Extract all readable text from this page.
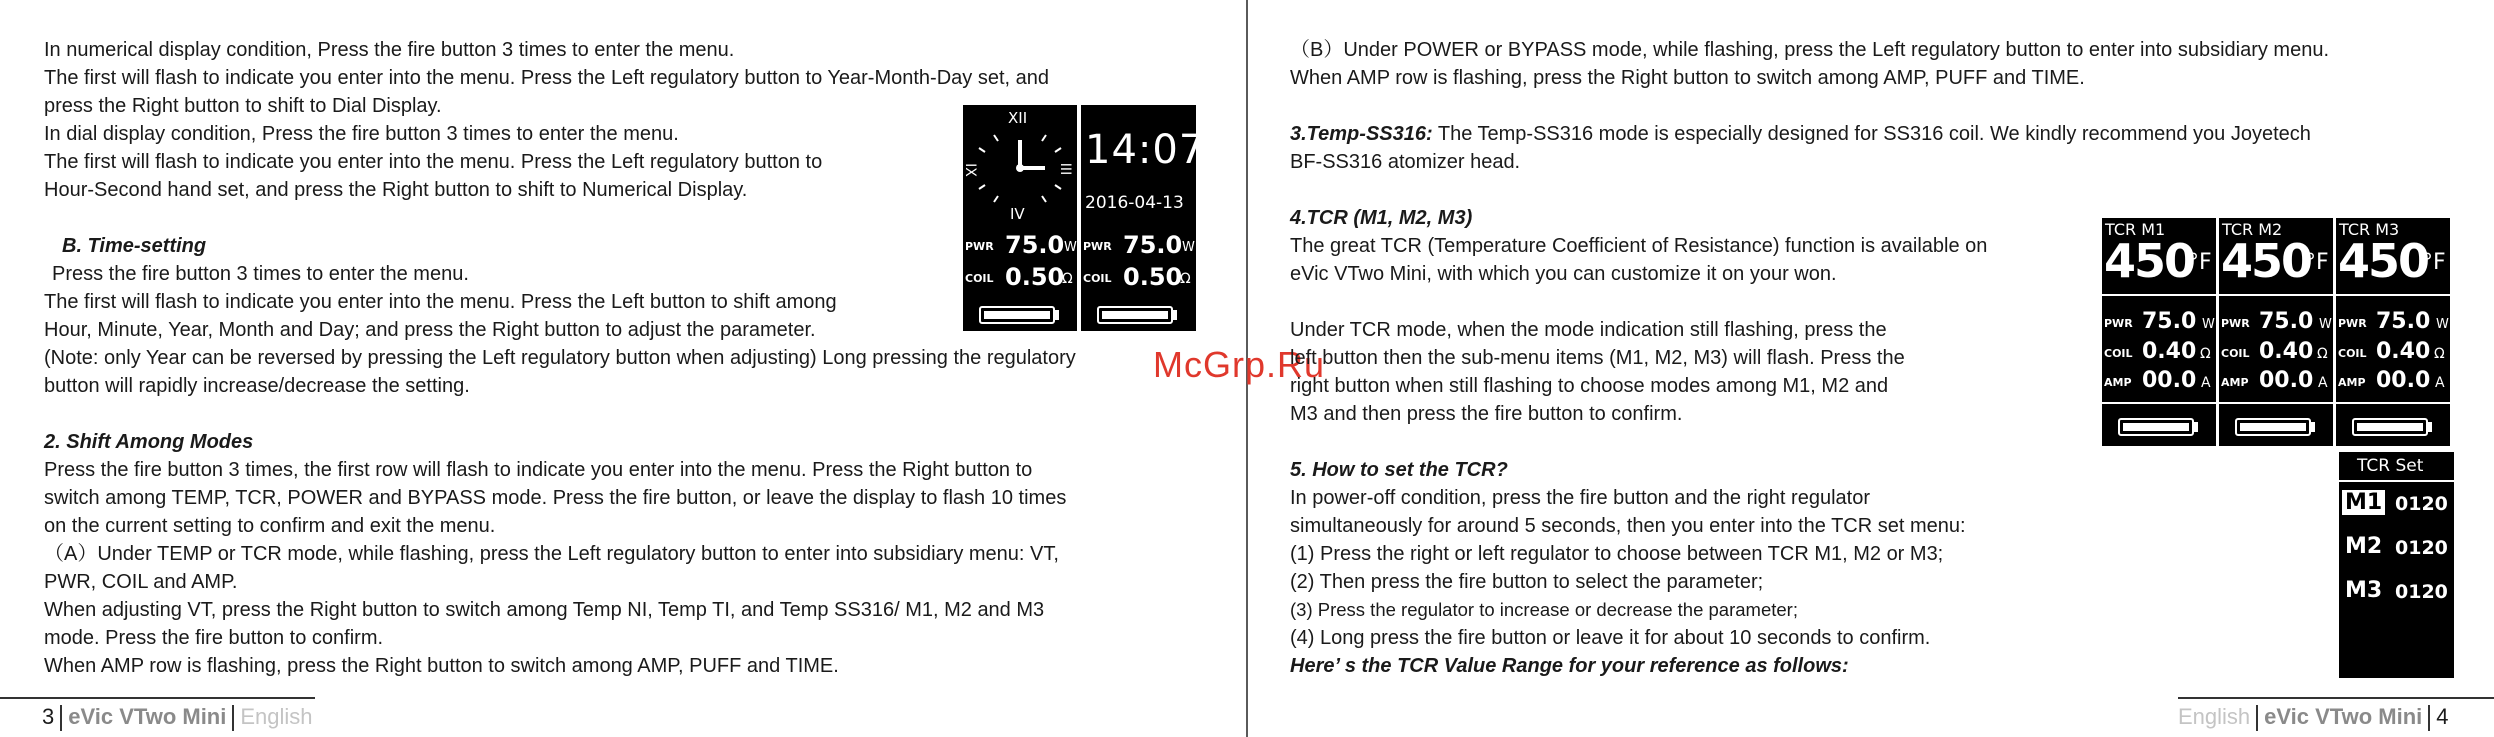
In numerical display condition, Press the fire button 3 times to enter the menu.
The first will flash to indicate you enter into the menu. Press the Left regulatory button to Year-Month-Day set, and
press the Right button to shift to Dial Display.
In dial display condition, Press the fire button 3 times to enter the menu.
The first will flash to indicate you enter into the menu. Press the Left regulatory button to
Hour-Second hand set, and press the Right button to shift to Numerical Display.
B. Time-setting
Press the fire button 3 times to enter the menu.
The first will flash to indicate you enter into the menu. Press the Left button to shift among
Hour, Minute, Year, Month and Day; and press the Right button to adjust the parameter.
(Note: only Year can be reversed by pressing the Left regulatory button when adjusting) Long pressing the regulatory
button will rapidly increase/decrease the setting.
2. Shift Among Modes
Press the fire button 3 times, the first row will flash to indicate you enter into the menu. Press the Right button to
switch among TEMP, TCR, POWER and BYPASS mode. Press the fire button, or leave the display to flash 10 times
on the current setting to confirm and exit the menu.
（A）Under TEMP or TCR mode, while flashing, press the Left regulatory button to enter into subsidiary menu: VT,
PWR, COIL and AMP.
When adjusting VT, press the Right button to switch among Temp NI, Temp TI, and Temp SS316/ M1, M2 and M3
mode. Press the fire button to confirm.
When AMP row is flashing, press the Right button to switch among AMP, PUFF and TIME.
XII
IX	III
IV
PWR 75.0 W
COIL 0.50
Ω
14:07
2016-04-13
PWR 75.0 W
COIL 0.50
Ω
3 eVic VTwo Mini English
McGrp.Ru
（B）Under POWER or BYPASS mode, while flashing, press the Left regulatory button to enter into subsidiary menu.
When AMP row is flashing, press the Right button to switch among AMP, PUFF and TIME.
3.Temp-SS316: The Temp-SS316 mode is especially designed for SS316 coil. We kindly recommend you Joyetech
BF-SS316 atomizer head.
4.TCR (M1, M2, M3)
The great TCR (Temperature Coefficient of Resistance) function is available on
eVic VTwo Mini, with which you can customize it on your won.
Under TCR mode, when the mode indication still flashing, press the
left button then the sub-menu items (M1, M2, M3) will flash. Press the
right button when still flashing to choose modes among M1, M2 and
M3 and then press the fire button to confirm.
5. How to set the TCR?
In power-off condition, press the fire button and the right regulator
simultaneously for around 5 seconds, then you enter into the TCR set menu:
(1) Press the right or left regulator to choose between TCR M1, M2 or M3;
(2) Then press the fire button to select the parameter;
(3) Press the regulator to increase or decrease the parameter;
(4) Long press the fire button or leave it for about 10 seconds to confirm.
Here’ s the TCR Value Range for your reference as follows:
TCR M1
450
°F
PWR 75.0 W
COIL 0.40 Ω
AMP 00.0 A
TCR M2
450
°F
PWR 75.0 W
COIL 0.40 Ω
AMP 00.0 A
TCR M3
450
°F
PWR 75.0 W
COIL 0.40 Ω
AMP 00.0 A
TCR Set
M1 0120
M2 0120
M3 0120
English eVic VTwo Mini 4
